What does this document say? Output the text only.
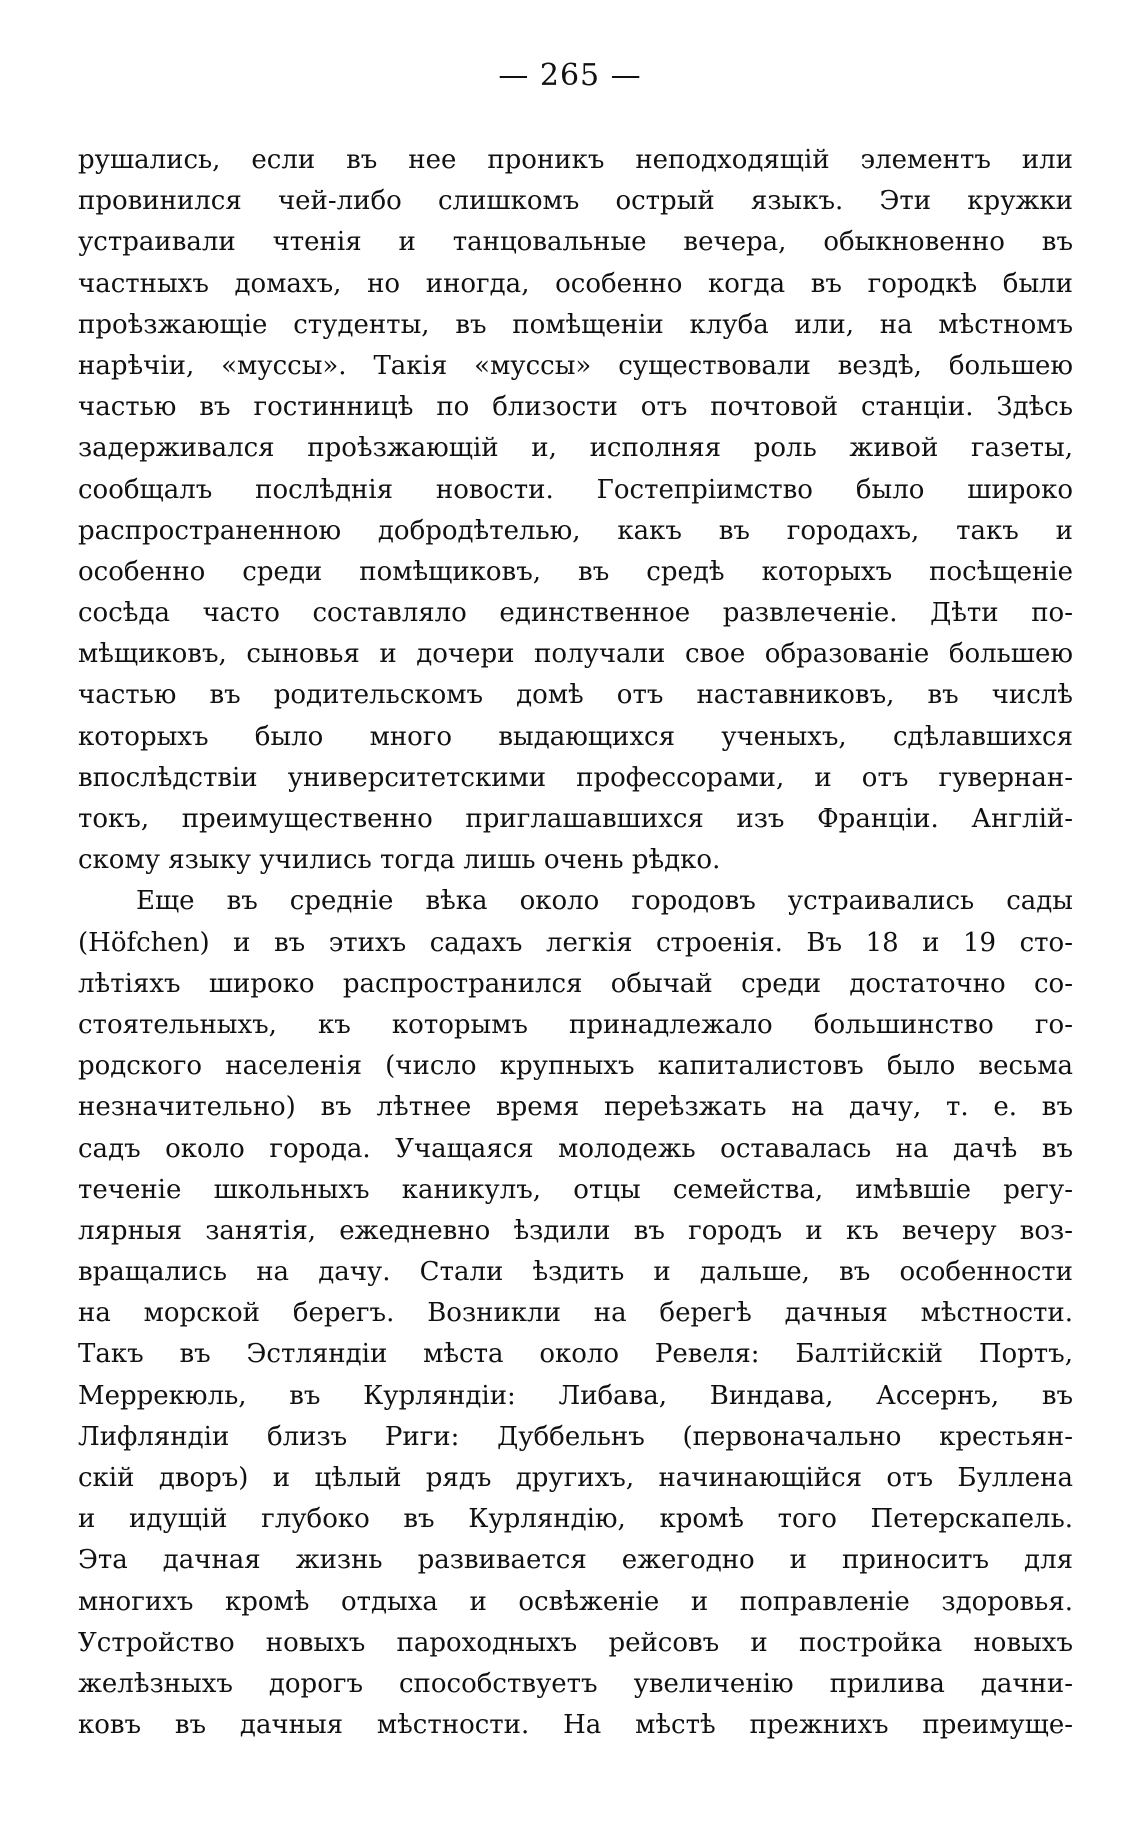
— 265 —
рушались, если въ нее проникъ неподходящій элементъ или
провинился чей-либо слишкомъ острый языкъ. Эти кружки
устраивали чтенія и танцовальные вечера, обыкновенно въ
частныхъ домахъ, но иногда, особенно когда въ городкѣ были
проѣзжающіе студенты, въ помѣщеніи клуба или, на мѣстномъ
нарѣчіи, «муссы». Такія «муссы» существовали вездѣ, большею
частью въ гостинницѣ по близости отъ почтовой станціи. Здѣсь
задерживался проѣзжающій и, исполняя роль живой газеты,
сообщалъ послѣднія новости. Гостепріимство было широко
распространенною добродѣтелью, какъ въ городахъ, такъ и
особенно среди помѣщиковъ, въ средѣ которыхъ посѣщеніе
сосѣда часто составляло единственное развлеченіе. Дѣти по-
мѣщиковъ, сыновья и дочери получали свое образованіе большею
частью въ родительскомъ домѣ отъ наставниковъ, въ числѣ
которыхъ было много выдающихся ученыхъ, сдѣлавшихся
впослѣдствіи университетскими профессорами, и отъ гувернан-
токъ, преимущественно приглашавшихся изъ Франціи. Англій-
скому языку учились тогда лишь очень рѣдко.
Еще въ средніе вѣка около городовъ устраивались сады
(Höfchen) и въ этихъ садахъ легкія строенія. Въ 18 и 19 сто-
лѣтіяхъ широко распространился обычай среди достаточно со-
стоятельныхъ, къ которымъ принадлежало большинство го-
родского населенія (число крупныхъ капиталистовъ было весьма
незначительно) въ лѣтнее время переѣзжать на дачу, т. е. въ
садъ около города. Учащаяся молодежь оставалась на дачѣ въ
теченіе школьныхъ каникулъ, отцы семейства, имѣвшіе регу-
лярныя занятія, ежедневно ѣздили въ городъ и къ вечеру воз-
вращались на дачу. Стали ѣздить и дальше, въ особенности
на морской берегъ. Возникли на берегѣ дачныя мѣстности.
Такъ въ Эстляндіи мѣста около Ревеля: Балтійскій Портъ,
Меррекюль, въ Курляндіи: Либава, Виндава, Ассернъ, въ
Лифляндіи близъ Риги: Дуббельнъ (первоначально крестьян-
скій дворъ) и цѣлый рядъ другихъ, начинающійся отъ Буллена
и идущій глубоко въ Курляндію, кромѣ того Петерскапель.
Эта дачная жизнь развивается ежегодно и приноситъ для
многихъ кромѣ отдыха и освѣженіе и поправленіе здоровья.
Устройство новыхъ пароходныхъ рейсовъ и постройка новыхъ
желѣзныхъ дорогъ способствуетъ увеличенію прилива дачни-
ковъ въ дачныя мѣстности. На мѣстѣ прежнихъ преимуще-
